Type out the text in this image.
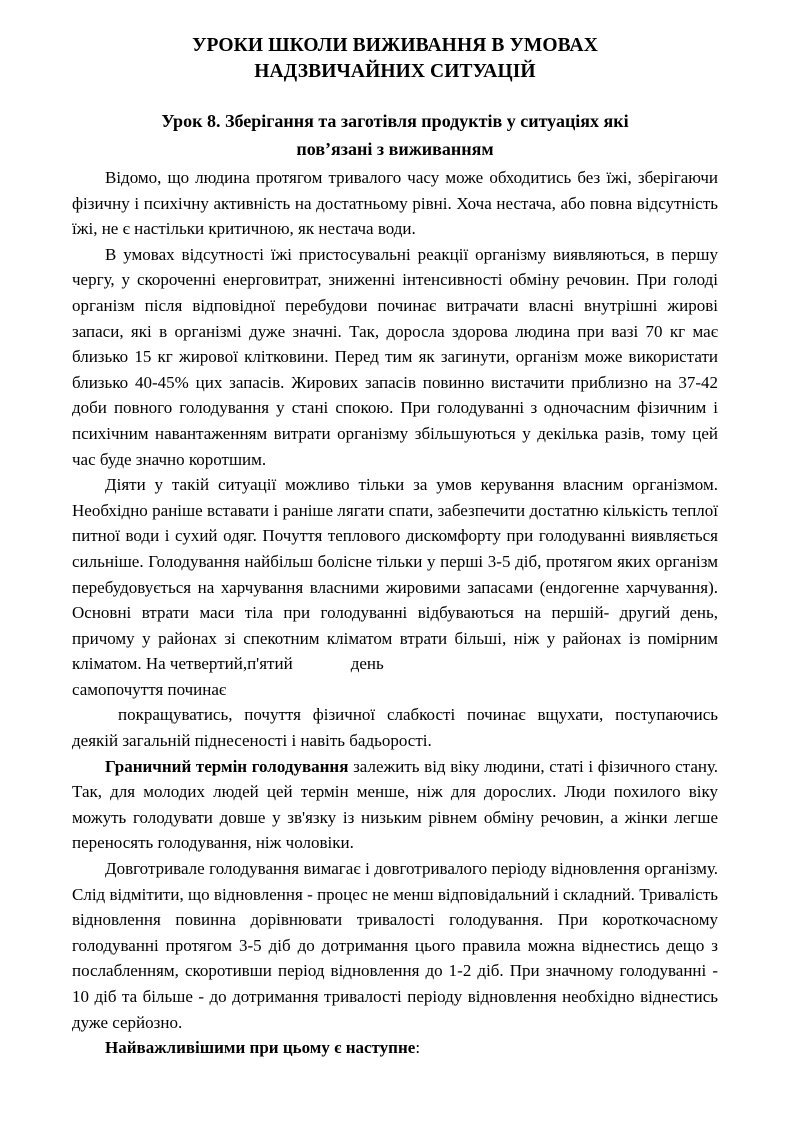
УРОКИ ШКОЛИ ВИЖИВАННЯ В УМОВАХ
НАДЗВИЧАЙНИХ СИТУАЦІЙ
Урок 8. Зберігання та заготівля продуктів у ситуаціях які
пов’язані з виживанням

Відомо, що людина протягом тривалого часу може обходитись без їжі, зберігаючи фізичну і психічну активність на достатньому рівні. Хоча нестача, або повна відсутність їжі, не є настільки критичною, як нестача води.

В умовах відсутності їжі пристосувальні реакції організму виявляються, в першу чергу, у скороченні енерговитрат, зниженні інтенсивності обміну речовин. При голоді організм після відповідної перебудови починає витрачати власні внутрішні жирові запаси, які в організмі дуже значні. Так, доросла здорова людина при вазі 70 кг має близько 15 кг жирової клітковини. Перед тим як загинути, організм може використати близько 40-45% цих запасів. Жирових запасів повинно вистачити приблизно на 37-42 доби повного голодування у стані спокою. При голодуванні з одночасним фізичним і психічним навантаженням витрати організму збільшуються у декілька разів, тому цей час буде значно коротшим.

Діяти у такій ситуації можливо тільки за умов керування власним організмом. Необхідно раніше вставати і раніше лягати спати, забезпечити достатню кількість теплої питної води і сухий одяг. Почуття теплового дискомфорту при голодуванні виявляється сильніше. Голодування найбільш болісне тільки у перші 3-5 діб, протягом яких організм перебудовується на харчування власними жировими запасами (ендогенне харчування). Основні втрати маси тіла при голодуванні відбуваються на першій- другий день, причому у районах зі спекотним кліматом втрати більші, ніж у районах із помірним кліматом. На четвертий,п'ятий	день
самопочуття починає

покращуватись, почуття фізичної слабкості починає вщухати, поступаючись деякій загальній піднесеності і навіть бадьорості.

Граничний термін голодування залежить від віку людини, статі і фізичного стану. Так, для молодих людей цей термін менше, ніж для дорослих. Люди похилого віку можуть голодувати довше у зв'язку із низьким рівнем обміну речовин, а жінки легше переносять голодування, ніж чоловіки.

Довготривале голодування вимагає і довготривалого періоду відновлення організму. Слід відмітити, що відновлення - процес не менш відповідальний і складний. Тривалість відновлення повинна дорівнювати тривалості голодування. При короткочасному голодуванні протягом 3-5 діб до дотримання цього правила можна віднестись дещо з послабленням, скоротивши період відновлення до 1-2 діб. При значному голодуванні - 10 діб та більше - до дотримання тривалості періоду відновлення необхідно віднестись дуже серйозно.

Найважливішими при цьому є наступне:
